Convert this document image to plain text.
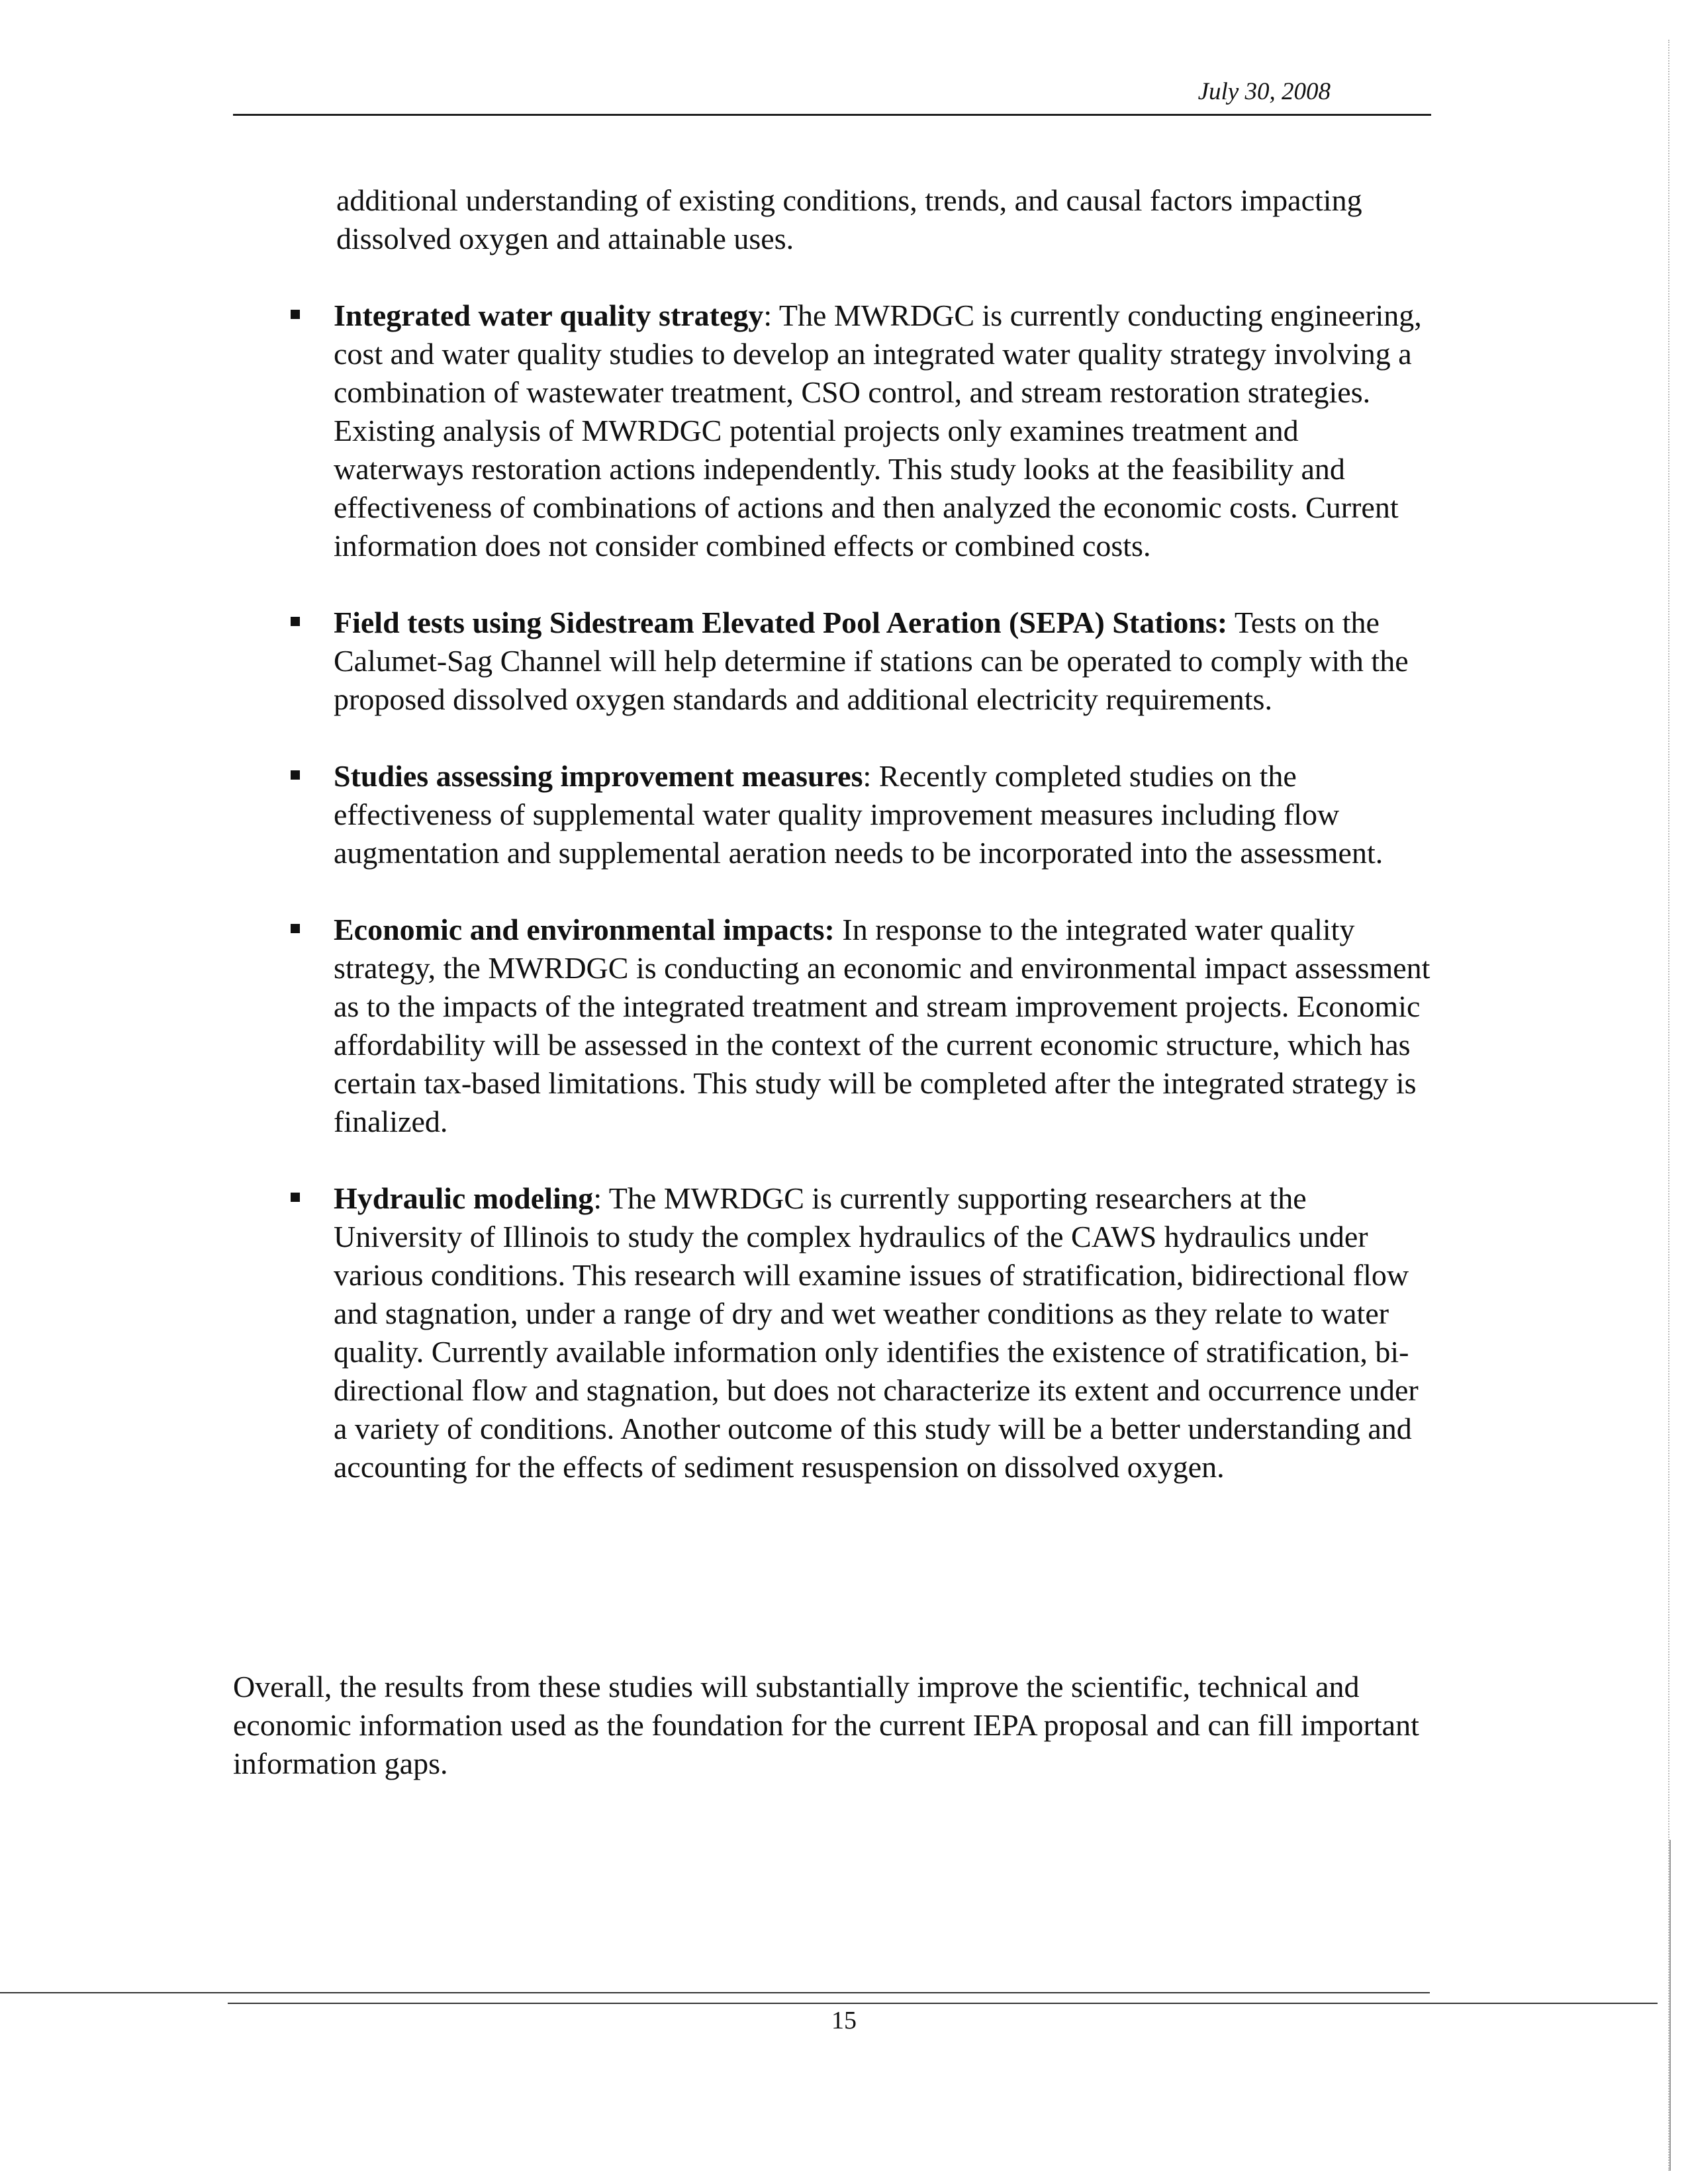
July 30, 2008

additional understanding of existing conditions, trends, and causal factors impacting dissolved oxygen and attainable uses.

Integrated water quality strategy: The MWRDGC is currently conducting engineering, cost and water quality studies to develop an integrated water quality strategy involving a combination of wastewater treatment, CSO control, and stream restoration strategies. Existing analysis of MWRDGC potential projects only examines treatment and waterways restoration actions independently. This study looks at the feasibility and effectiveness of combinations of actions and then analyzed the economic costs. Current information does not consider combined effects or combined costs.
Field tests using Sidestream Elevated Pool Aeration (SEPA) Stations: Tests on the Calumet-Sag Channel will help determine if stations can be operated to comply with the proposed dissolved oxygen standards and additional electricity requirements.
Studies assessing improvement measures: Recently completed studies on the effectiveness of supplemental water quality improvement measures including flow augmentation and supplemental aeration needs to be incorporated into the assessment.
Economic and environmental impacts: In response to the integrated water quality strategy, the MWRDGC is conducting an economic and environmental impact assessment as to the impacts of the integrated treatment and stream improvement projects. Economic affordability will be assessed in the context of the current economic structure, which has certain tax-based limitations. This study will be completed after the integrated strategy is finalized.
Hydraulic modeling: The MWRDGC is currently supporting researchers at the University of Illinois to study the complex hydraulics of the CAWS hydraulics under various conditions. This research will examine issues of stratification, bidirectional flow and stagnation, under a range of dry and wet weather conditions as they relate to water quality. Currently available information only identifies the existence of stratification, bi-directional flow and stagnation, but does not characterize its extent and occurrence under a variety of conditions. Another outcome of this study will be a better understanding and accounting for the effects of sediment resuspension on dissolved oxygen.

Overall, the results from these studies will substantially improve the scientific, technical and economic information used as the foundation for the current IEPA proposal and can fill important information gaps.

15
